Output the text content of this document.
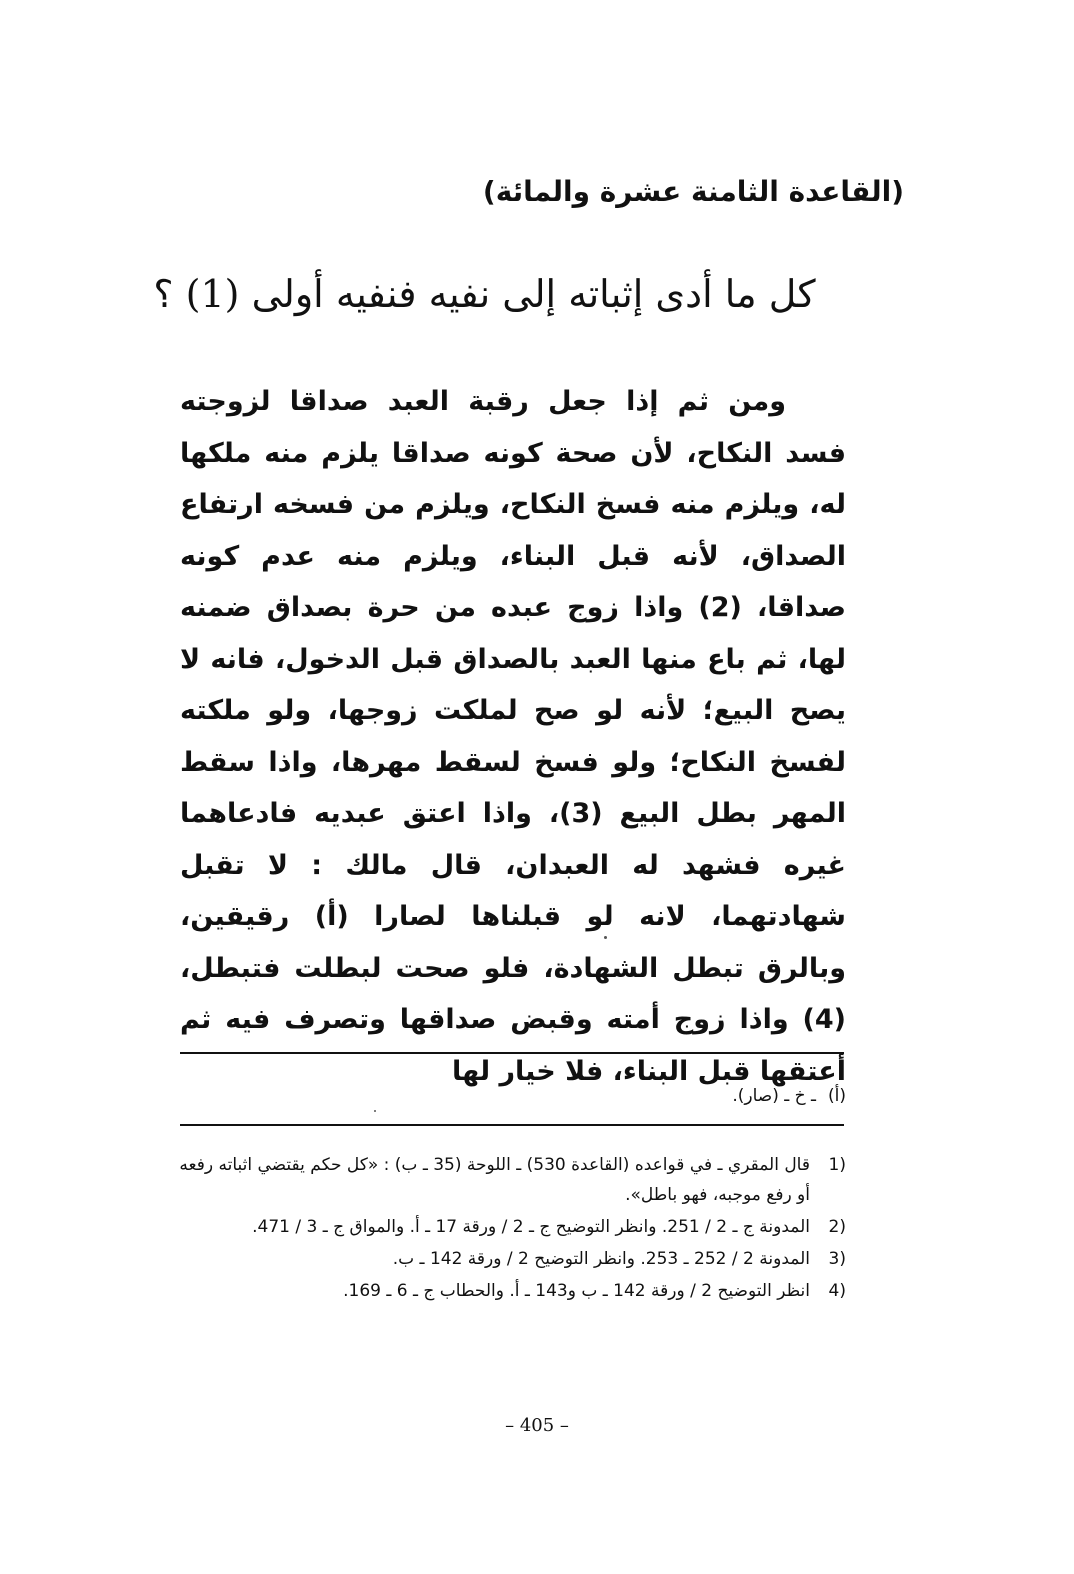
(القاعدة الثامنة عشرة والمائة)
كل ما أدى إثباته إلى نفيه فنفيه أولى (1) ؟
ومن ثم إذا جعل رقبة العبد صداقا لزوجته فسد النكاح، لأن صحة كونه صداقا يلزم منه ملكها له، ويلزم منه فسخ النكاح، ويلزم من فسخه ارتفاع الصداق، لأنه قبل البناء، ويلزم منه عدم كونه صداقا، (2) واذا زوج عبده من حرة بصداق ضمنه لها، ثم باع منها العبد بالصداق قبل الدخول، فانه لا يصح البيع؛ لأنه لو صح لملكت زوجها، ولو ملكته لفسخ النكاح؛ ولو فسخ لسقط مهرها، واذا سقط المهر بطل البيع (3)، واذا اعتق عبديه فادعاهما غيره فشهد له العبدان، قال مالك : لا تقبل شهادتهما، لانه لو قبلناها لصارا (أ) رقيقين، وبالرق تبطل الشهادة، فلو صحت لبطلت فتبطل، (4) واذا زوج أمته وقبض صداقها وتصرف فيه ثم أعتقها قبل البناء، فلا خيار لها
(أ)ـ خ ـ (صار).
(1
قال المقري ـ في قواعده (القاعدة 530) ـ اللوحة (35 ـ ب) : «كل حكم يقتضي اثباته رفعه أو رفع موجبه، فهو باطل».
(2
المدونة ج ـ 2 / 251. وانظر التوضيح ج ـ 2 / ورقة 17 ـ أ. والمواق ج ـ 3 / 471.
(3
المدونة 2 / 252 ـ 253. وانظر التوضيح 2 / ورقة 142 ـ ب.
(4
انظر التوضيح 2 / ورقة 142 ـ ب و143 ـ أ. والحطاب ج ـ 6 ـ 169.
– 405 –
